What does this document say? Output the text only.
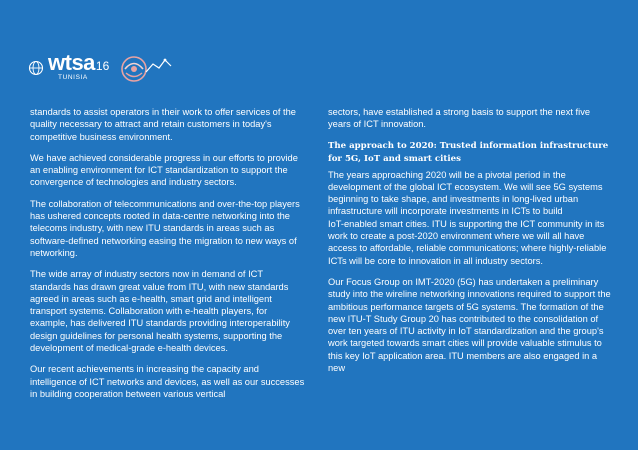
wtsa 16
TUNISIA

standards to assist operators in their work to offer services of the quality necessary to attract and retain customers in today's competitive business environment.

We have achieved considerable progress in our efforts to provide an enabling environment for ICT standardization to support the convergence of technologies and industry sectors.

The collaboration of telecommunications and over-the-top players has ushered concepts rooted in data-centre networking into the telecoms industry, with new ITU standards in areas such as software-defined networking easing the migration to new ways of networking.

The wide array of industry sectors now in demand of ICT standards has drawn great value from ITU, with new standards agreed in areas such as e-health, smart grid and intelligent transport systems. Collaboration with e-health players, for example, has delivered ITU standards providing interoperability design guidelines for personal health systems, supporting the development of medical-grade e-health devices.

Our recent achievements in increasing the capacity and intelligence of ICT networks and devices, as well as our successes in building cooperation between various vertical

sectors, have established a strong basis to support the next five years of ICT innovation.

The approach to 2020: Trusted information infrastructure for 5G, IoT and smart cities

The years approaching 2020 will be a pivotal period in the development of the global ICT ecosystem. We will see 5G systems beginning to take shape, and investments in long-lived urban infrastructure will incorporate investments in ICTs to build

IoT-enabled smart cities. ITU is supporting the ICT community in its work to create a post-2020 environment where we will all have access to affordable, reliable communications; where highly-reliable ICTs will be core to innovation in all industry sectors.

Our Focus Group on IMT-2020 (5G) has undertaken a preliminary study into the wireline networking innovations required to support the ambitious performance targets of 5G systems. The formation of the new ITU-T Study Group 20 has contributed to the consolidation of over ten years of ITU activity in IoT standardization and the group's work targeted towards smart cities will provide valuable stimulus to this key IoT application area. ITU members are also engaged in a new
